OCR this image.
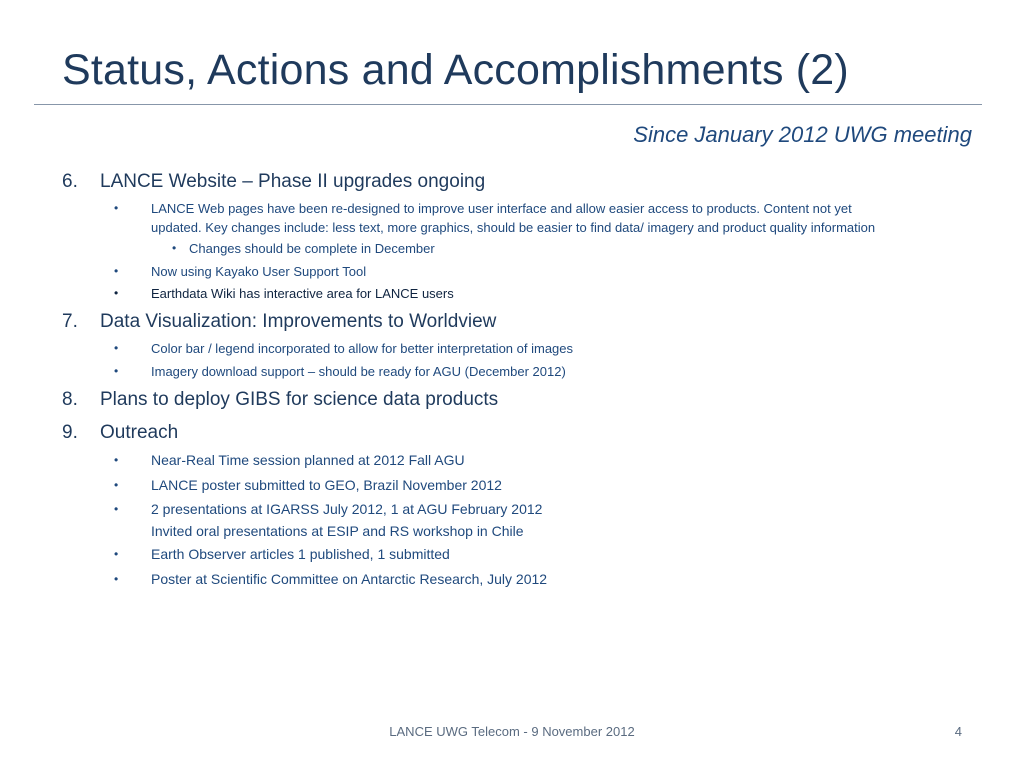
Status, Actions and Accomplishments (2)
Since January 2012 UWG meeting
6. LANCE Website – Phase II upgrades ongoing
•	LANCE Web pages have been re-designed to improve user interface and allow easier access to products. Content not yet
updated. Key changes include: less text, more graphics, should be easier to find data/ imagery and product quality information
• Changes should be complete in December
•	Now using Kayako User Support Tool
•	Earthdata Wiki has interactive area for LANCE users
7. Data Visualization: Improvements to Worldview
•	Color bar / legend incorporated to allow for better interpretation of images
•	Imagery download support – should be ready for AGU (December 2012)
8. Plans to deploy GIBS for science data products
9. Outreach
• Near-Real Time session planned at 2012 Fall AGU
• LANCE poster submitted to GEO, Brazil November 2012
• 2 presentations at IGARSS July 2012, 1 at AGU February 2012
Invited oral presentations at ESIP and RS workshop in Chile
• Earth Observer articles 1 published, 1 submitted
• Poster at Scientific Committee on Antarctic Research, July 2012
LANCE UWG Telecom - 9 November 2012	4
